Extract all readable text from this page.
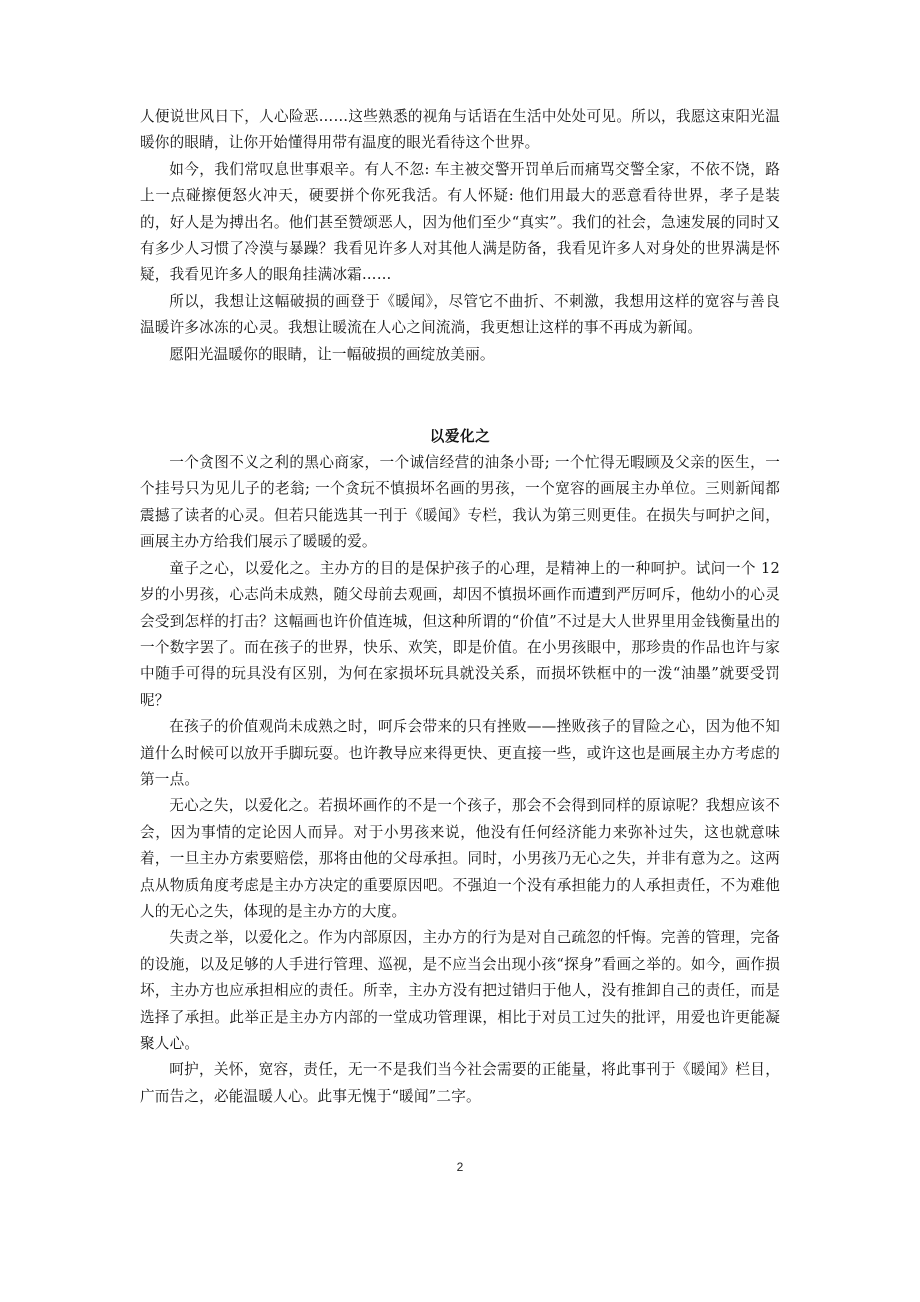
人便说世风日下，人心险恶……这些熟悉的视角与话语在生活中处处可见。所以，我愿这束阳光温暖你的眼睛，让你开始懂得用带有温度的眼光看待这个世界。

如今，我们常叹息世事艰辛。有人不忽: 车主被交警开罚单后而痛骂交警全家，不依不饶，路上一点碰擦便怒火冲天，硬要拼个你死我活。有人怀疑: 他们用最大的恶意看待世界，孝子是装的，好人是为搏出名。他们甚至赞颂恶人，因为他们至少“真实”。我们的社会，急速发展的同时又有多少人习惯了冷漠与暴躁？我看见许多人对其他人满是防备，我看见许多人对身处的世界满是怀疑，我看见许多人的眼角挂满冰霜……

所以，我想让这幅破损的画登于《暖闻》，尽管它不曲折、不刺激，我想用这样的宽容与善良温暖许多冰冻的心灵。我想让暖流在人心之间流淌，我更想让这样的事不再成为新闻。

愿阳光温暖你的眼睛，让一幅破损的画绽放美丽。

以爱化之

一个贪图不义之利的黑心商家，一个诚信经营的油条小哥; 一个忙得无暇顾及父亲的医生，一个挂号只为见儿子的老翁; 一个贪玩不慎损坏名画的男孩，一个宽容的画展主办单位。三则新闻都震撼了读者的心灵。但若只能选其一刊于《暖闻》专栏，我认为第三则更佳。在损失与呵护之间，画展主办方给我们展示了暖暖的爱。

童子之心，以爱化之。主办方的目的是保护孩子的心理，是精神上的一种呵护。试问一个 12 岁的小男孩，心志尚未成熟，随父母前去观画，却因不慎损坏画作而遭到严厉呵斥，他幼小的心灵会受到怎样的打击？这幅画也许价值连城，但这种所谓的“价值”不过是大人世界里用金钱衡量出的一个数字罢了。而在孩子的世界，快乐、欢笑，即是价值。在小男孩眼中，那珍贵的作品也许与家中随手可得的玩具没有区别，为何在家损坏玩具就没关系，而损坏铁框中的一泼“油墨”就要受罚呢？

在孩子的价值观尚未成熟之时，呵斥会带来的只有挫败——挫败孩子的冒险之心，因为他不知道什么时候可以放开手脚玩耍。也许教导应来得更快、更直接一些，或许这也是画展主办方考虑的第一点。

无心之失，以爱化之。若损坏画作的不是一个孩子，那会不会得到同样的原谅呢？我想应该不会，因为事情的定论因人而异。对于小男孩来说，他没有任何经济能力来弥补过失，这也就意味着，一旦主办方索要赔偿，那将由他的父母承担。同时，小男孩乃无心之失，并非有意为之。这两点从物质角度考虑是主办方决定的重要原因吧。不强迫一个没有承担能力的人承担责任，不为难他人的无心之失，体现的是主办方的大度。

失责之举，以爱化之。作为内部原因，主办方的行为是对自己疏忽的忏悔。完善的管理，完备的设施，以及足够的人手进行管理、巡视，是不应当会出现小孩“探身”看画之举的。如今，画作损坏，主办方也应承担相应的责任。所幸，主办方没有把过错归于他人，没有推卸自己的责任，而是选择了承担。此举正是主办方内部的一堂成功管理课，相比于对员工过失的批评，用爱也许更能凝聚人心。

呵护，关怀，宽容，责任，无一不是我们当今社会需要的正能量，将此事刊于《暖闻》栏目，广而告之，必能温暖人心。此事无愧于“暖闻”二字。

2
